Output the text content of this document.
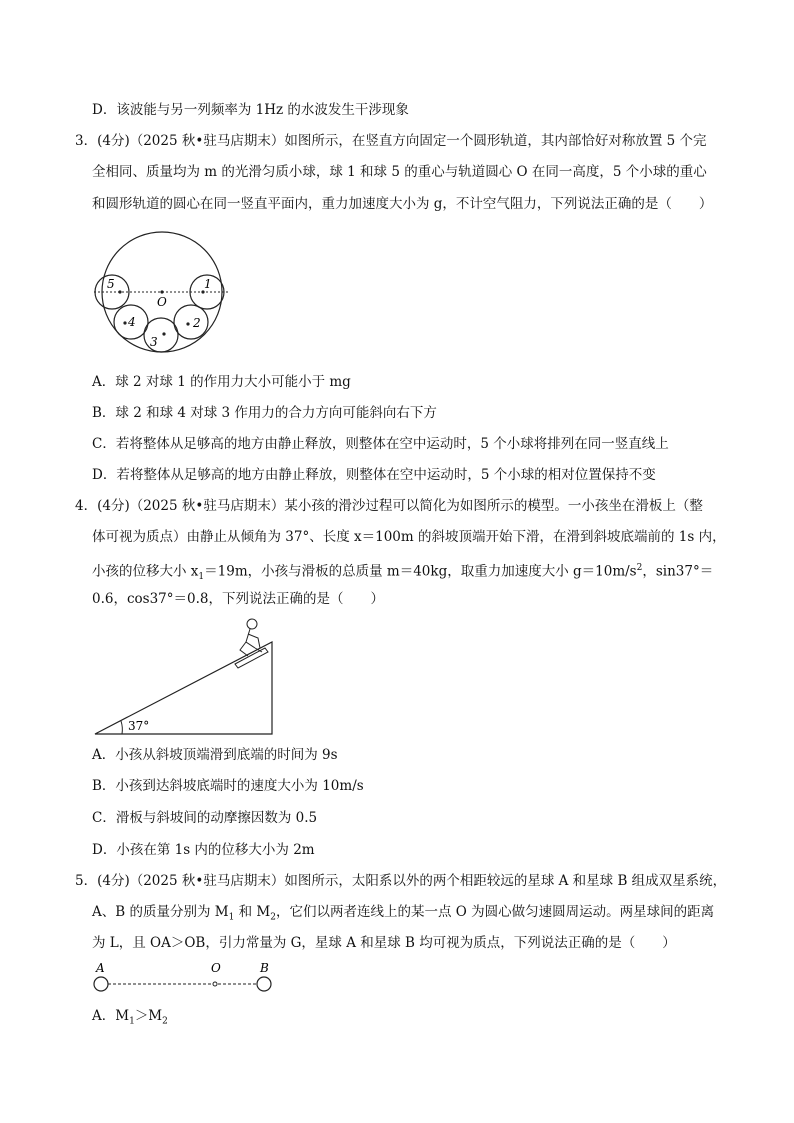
D．该波能与另一列频率为 1Hz 的水波发生干涉现象
3．(4分)（2025 秋•驻马店期末）如图所示，在竖直方向固定一个圆形轨道，其内部恰好对称放置 5 个完
全相同、质量均为 m 的光滑匀质小球，球 1 和球 5 的重心与轨道圆心 O 在同一高度，5 个小球的重心
和圆形轨道的圆心在同一竖直平面内，重力加速度大小为 g，不计空气阻力，下列说法正确的是（　　）
5	1
O
4	2
3
A．球 2 对球 1 的作用力大小可能小于 mg
B．球 2 和球 4 对球 3 作用力的合力方向可能斜向右下方
C．若将整体从足够高的地方由静止释放，则整体在空中运动时，5 个小球将排列在同一竖直线上
D．若将整体从足够高的地方由静止释放，则整体在空中运动时，5 个小球的相对位置保持不变
4．(4分)（2025 秋•驻马店期末）某小孩的滑沙过程可以简化为如图所示的模型。一小孩坐在滑板上（整
体可视为质点）由静止从倾角为 37°、长度 x＝100m 的斜坡顶端开始下滑，在滑到斜坡底端前的 1s 内，
小孩的位移大小 $x_1=19m$，小孩与滑板的总质量 m＝40kg，取重力加速度大小 $g=10m/s^2$，sin37°＝
0.6，cos37°＝0.8，下列说法正确的是（　　）
37°
A．小孩从斜坡顶端滑到底端的时间为 9s
B．小孩到达斜坡底端时的速度大小为 10m/s
C．滑板与斜坡间的动摩擦因数为 0.5
D．小孩在第 1s 内的位移大小为 2m
5．(4分)（2025 秋•驻马店期末）如图所示，太阳系以外的两个相距较远的星球 A 和星球 B 组成双星系统，
A、B 的质量分别为 $M_1$ 和 $M_2$，它们以两者连线上的某一点 O 为圆心做匀速圆周运动。两星球间的距离
为 L，且 OA＞OB，引力常量为 G，星球 A 和星球 B 均可视为质点，下列说法正确的是（　　）
A	O	B
A．$M_1>M_2$
